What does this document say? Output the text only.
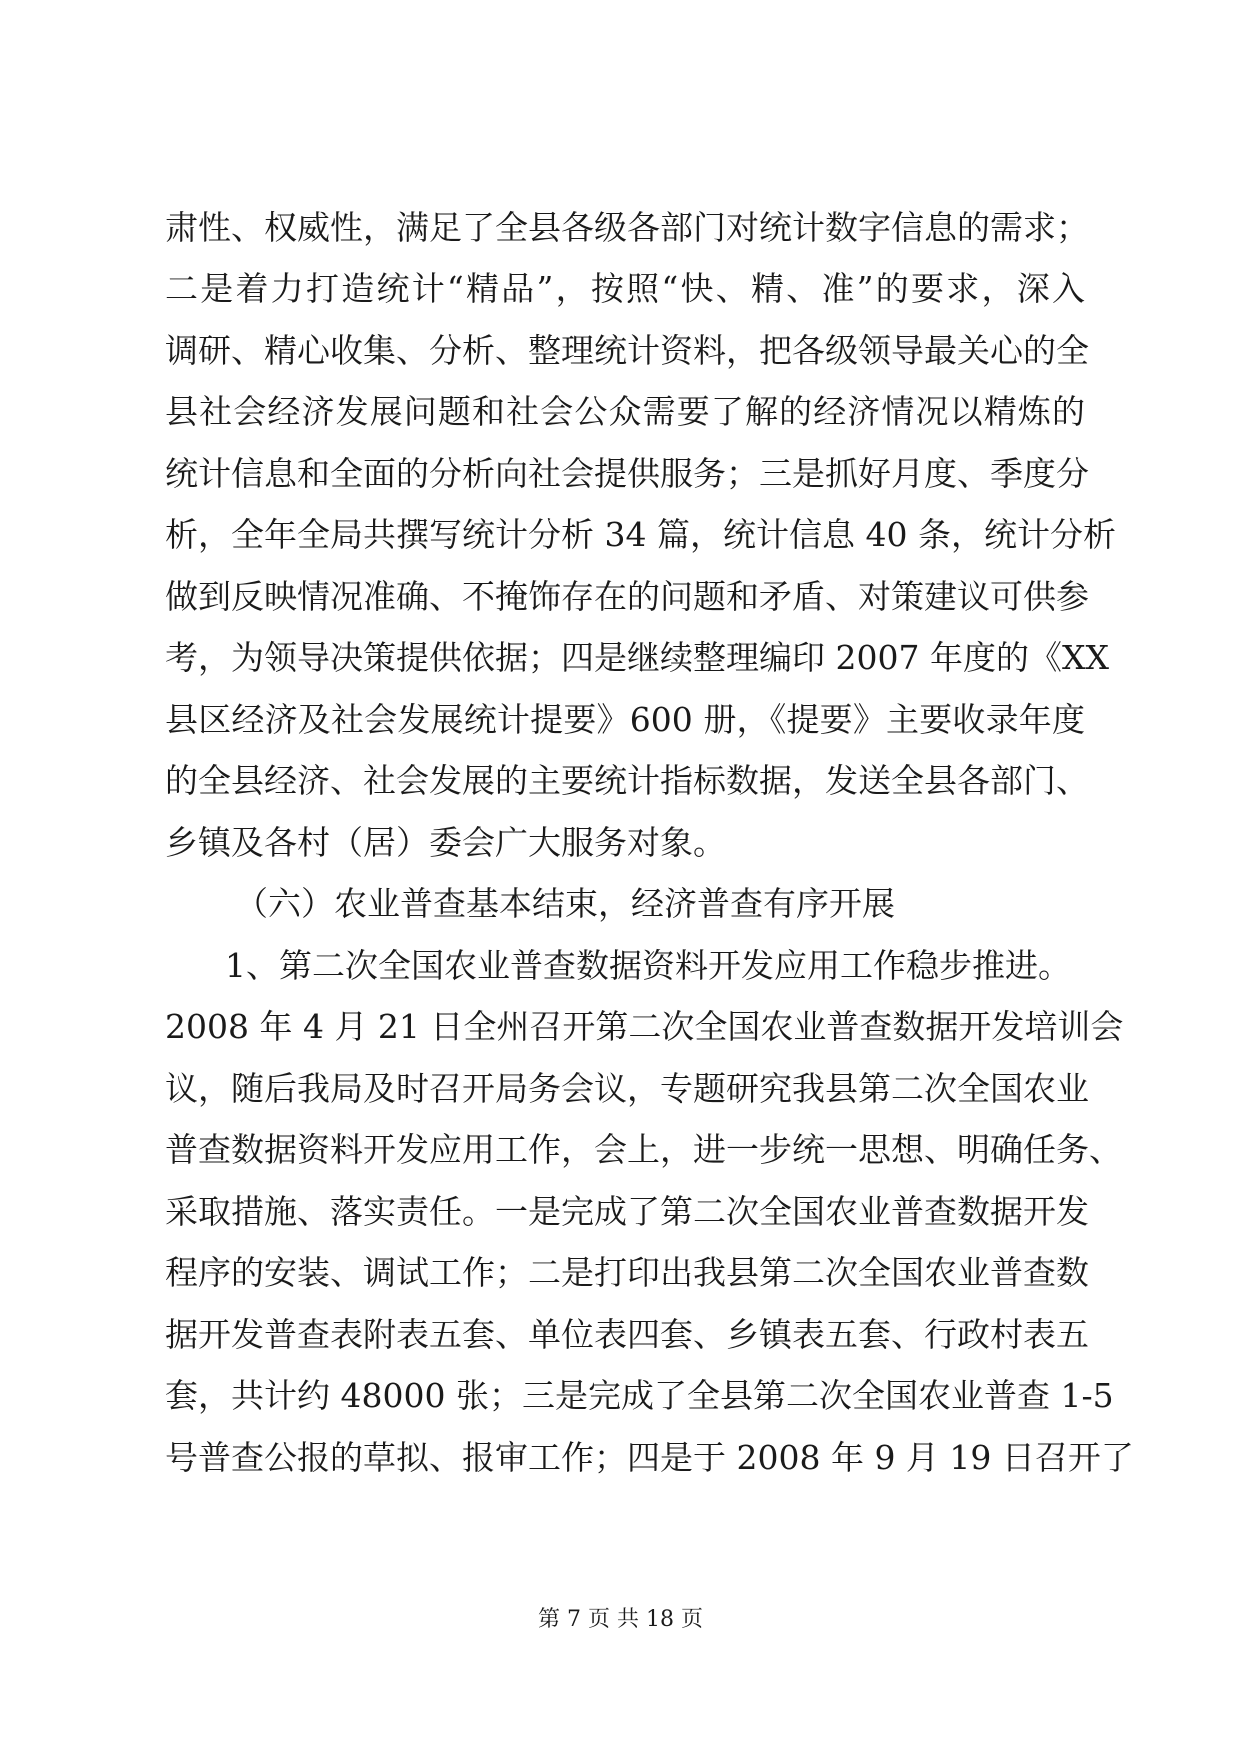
肃性、权威性，满足了全县各级各部门对统计数字信息的需求；
二是着力打造统计“精品”，按照“快、精、准”的要求，深入
调研、精心收集、分析、整理统计资料，把各级领导最关心的全
县社会经济发展问题和社会公众需要了解的经济情况以精炼的
统计信息和全面的分析向社会提供服务；三是抓好月度、季度分
析，全年全局共撰写统计分析 34 篇，统计信息 40 条，统计分析
做到反映情况准确、不掩饰存在的问题和矛盾、对策建议可供参
考，为领导决策提供依据；四是继续整理编印 2007 年度的《XX
县区经济及社会发展统计提要》600 册，《提要》主要收录年度
的全县经济、社会发展的主要统计指标数据，发送全县各部门、
乡镇及各村（居）委会广大服务对象。
（六）农业普查基本结束，经济普查有序开展
1、第二次全国农业普查数据资料开发应用工作稳步推进。
2008 年 4 月 21 日全州召开第二次全国农业普查数据开发培训会
议，随后我局及时召开局务会议，专题研究我县第二次全国农业
普查数据资料开发应用工作，会上，进一步统一思想、明确任务、
采取措施、落实责任。一是完成了第二次全国农业普查数据开发
程序的安装、调试工作；二是打印出我县第二次全国农业普查数
据开发普查表附表五套、单位表四套、乡镇表五套、行政村表五
套，共计约 48000 张；三是完成了全县第二次全国农业普查 1-5
号普查公报的草拟、报审工作；四是于 2008 年 9 月 19 日召开了
第 7 页 共 18 页
